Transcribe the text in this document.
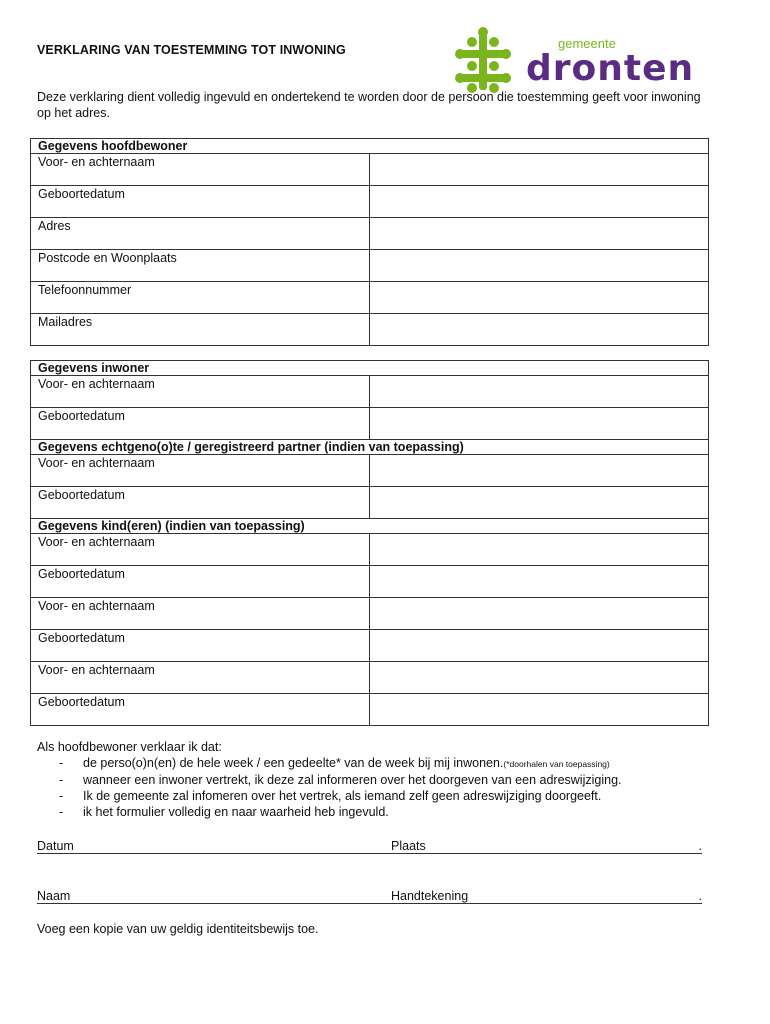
VERKLARING VAN TOESTEMMING TOT INWONING	gemeente
dronten
Deze verklaring dient volledig ingevuld en ondertekend te worden door de persoon die toestemming geeft voor inwoning op het adres.
Gegevens hoofdbewoner	
Voor- en achternaam	
Geboortedatum	
Adres	
Postcode en Woonplaats	
Telefoonnummer	
Mailadres	
Gegevens inwoner	
Voor- en achternaam	
Geboortedatum	
Gegevens echtgeno(o)te / geregistreerd partner (indien van toepassing)	
Voor- en achternaam	
Geboortedatum	
Gegevens kind(eren) (indien van toepassing)	
Voor- en achternaam	
Geboortedatum	
Voor- en achternaam	
Geboortedatum	
Voor- en achternaam	
Geboortedatum	
Als hoofdbewoner verklaar ik dat:
- de perso(o)n(en) de hele week / een gedeelte* van de week bij mij inwonen.(*doorhalen van toepassing)
- wanneer een inwoner vertrekt, ik deze zal informeren over het doorgeven van een adreswijziging.
- Ik de gemeente zal infomeren over het vertrek, als iemand zelf geen adreswijziging doorgeeft.
- ik het formulier volledig en naar waarheid heb ingevuld.
Datum	Plaats	.
Naam	Handtekening	.
Voeg een kopie van uw geldig identiteitsbewijs toe.
